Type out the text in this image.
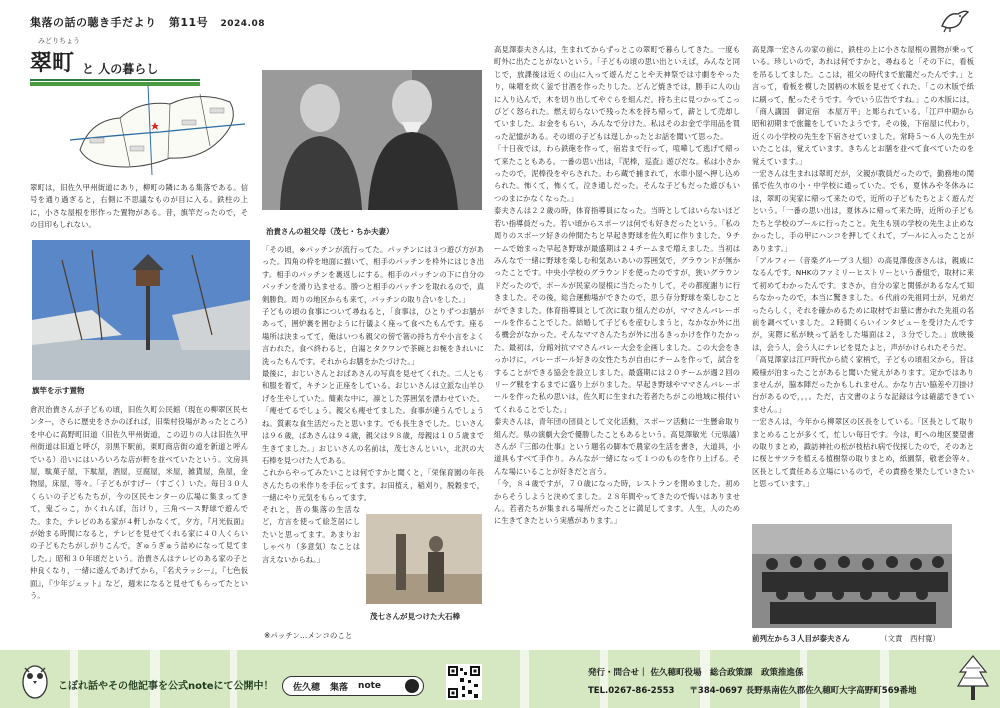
集落の話の聴き手だより 第11号 2024.08
みどりちょう
翠町 と 人の暮らし

翠町は，旧佐久甲州街道にあり，柳町の隣にある集落である。信号を通り過ぎると，右側に不思議なものが目に入る。鉄柱の上に，小さな屋根を形作った置物がある。昔，旗竿だったので，その目印もしれない。

旗竿を示す置物

倉沢治貴さんが子どもの頃，旧佐久町公民館（現在の柳翠区民センター，さらに歴史をさかのぼれば，旧柴村役場があったところ）を中心に高野町旧道（旧佐久甲州街道，この辺りの人は旧佐久甲州街道は旧道と呼び，羽黒下駅前，東町商店街の道を新道と呼んでいる）沿いにはいろいろな店が軒を並べていたという。文房具屋，駄菓子屋，下駄屋，酒屋，豆腐屋，米屋，雑貨屋，魚屋，金物屋，床屋，等々。「子どもがすげー（すごく）いた。毎日３０人くらいの子どもたちが，今の区民センターの広場に集まってきて，鬼ごっこ，かくれんぼ，缶けり，三角ベース野球で遊んでた。また，テレビのある家が４軒しかなくて，夕方，『月光仮面』が始まる時間になると，テレビを見せてくれる家に４０人くらいの子どもたちがしがりこんで，ぎゅうぎゅう詰めになって見てました。」昭和３０年頃だという。治貴さんはテレビのある家の子と仲良くなり，一緒に遊んであげてから，『名犬ラッシー』，『七色仮面』，『少年ジェット』など，週末になると見せてもらってたという。

治貴さんの祖父母（茂七・ちか夫妻）

「その頃，※パッチンが流行ってた。パッチンには３つ遊び方があった。四角の枠を地面に描いて，相手のパッチンを枠外にはじき出す。相手のパッチンを裏返しにする。相手のパッチンの下に自分のパッチンを滑り込ませる。勝つと相手のパッチンを取れるので，真剣勝負。周りの地区からも来て，パッチンの取り合いをした。」

子どもの頃の食事について尋ねると，「食事は，ひとりずつお膳があって，囲炉裏を囲むように行儀よく座って食べたもんです。座る場所は決まってて，俺はいつも親父の傍で箸の持ち方や小言をよく言われた。食べ終わると，白湯とタクワンで茶碗とお椀をきれいに洗ったもんです。それからお膳をかたづけた。」

最後に，おじいさんとおばあさんの写真を見せてくれた。二人とも和服を着て，キチンと正座をしている。おじいさんは立派な山羊ひげを生やしていた。簡素な中に，凛とした雰囲気を漂わせていた。「痩せてるでしょう。親父も痩せてました。食事が違うんでしょうね。質素な食生活だったと思います。でも長生きでした。じいさんは９６歳，ばあさんは９４歳，親父は９８歳，母親は１０５歳まで生きてました。」おじいさんの名前は，茂七さんといい，北沢の大石棒を見つけた人である。

これからやってみたいことは何ですかと聞くと，「栄保育園の年長さんたちの米作りを手伝ってます。お田植え，稲刈り，脱穀まで，一緒にやり元気をもらってます。

それと，昔の集落の生活など，方言を使って絵芝居にしたいと思ってます。あまりおしゃべり（多意気）なことは言えないからね。」

茂七さんが見つけた大石棒
※パッチン…メンコのこと

高見澤泰夫さんは，生まれてからずっとこの翠町で暮らしてきた。一度も町外に出たことがないという。「子どもの頃の思い出といえば，みんなと同じで，放課後は近くの山に入って遊んだことや天神祭では寸劇をやったり，味噌を炊く釜で甘酒を作ったりした。どんど焼きでは，勝手に人の山に入り込んで，木を切り出してやぐらを組んだ。持ち主に見つかってこっぴどく怒られた。燃え切らないで残った木を持ち帰って，薪として売却していました。お金をもらい，みんなで分けた。私はそのお金で学用品を買った記憶がある。その頃の子どもは逞しかったとお話を聞いて思った。

「十日夜では，わら鉄砲を作って，宿岩まで行って，喧嘩して逃げて帰って来たこともある。一番の思い出は，『泥棒，巡査』遊びだな。私は小さかったので，泥棒役をやらされた。わら蔵で捕まれて，水車小屋へ押し込められた。怖くて，怖くて，泣き通しだった。そんな子どもだった遊びもいつのまにかなくなった。」

泰夫さんは２２歳の時，体育指導員になった。当時としてはいらないほど若い指導員だった。若い頃からスポーツは何でも好きだったという。「私の周りのスポーツ好きの仲間たちと早起き野球を佐久町に作りました。９チームで始まった早起き野球が最盛期は２４チームまで増えました。当初はみんなで一緒に野球を楽しむ和気あいあいの雰囲気で，グラウンドが無かったことです。中央小学校のグラウンドを使ったのですが，狭いグラウンドだったので，ボールが民家の屋根に当たったりして，その都度謝りに行きました。その後，総合運動場ができたので，思う存分野球を楽しむことができました。体育指導員として次に取り組んだのが，ママさんバレーボールを作ることでした。結婚して子どもを産むしまうと，なかなか外に出る機会がなかった。そんなママさんたちが外に出るきっかけを作りたかった。最初は，分館対抗ママさんバレー大会を企画しました。この大会をきっかけに，バレーボール好きの女性たちが自由にチームを作って，試合をすることができる協会を設立しました。最盛期には２０チームが週２回のリーグ戦をするまでに盛り上がりました。早起き野球やママさんバレーボールを作った私の思いは，佐久町に生まれた若者たちがこの地域に根付いてくれることでした。」

泰夫さんは，青年団の団員として文化活動，スポーツ活動に一生懸命取り組んだ。県の演劇大会で優勝したこともあるという。高見澤敏光（元県議）さんが『三郎の仕事』という題名の脚本で農家の生活を書き，大道具，小道具もすべて手作り。みんなが一緒になって１つのものを作り上げる。そんな場にいることが好きだと言う。

「今，８４歳ですが，７０歳になった時，レストランを閉めました。初めからそうしようと決めてました。２８年間やってきたので悔いはありません。若者たちが集まれる場所だったことに満足してます。人生，人のために生きてきたという実感があります。」

高見澤一宏さんの家の前に，鉄柱の上に小さな屋根の置物が乗っている。珍しいので，あれは何ですかと，尋ねると「その下に，看板を吊るしてました。ここは，祖父の時代まで旅籠だったんです。」と言って，看板を模した図柄の木版を見せてくれた。「この木版で紙に刷って，配ったそうです。今でいう広告ですね。」この木版には，「商人講国　御定宿　本屋万平」と彫られている。「江戸中期から昭和初期まで旅籠をしていたようです。その後，下宿屋に代わり，近くの小学校の先生を下宿させていました。常時５～６人の先生がいたことは，覚えています。きちんとお膳を並べて食べていたのを覚えています。」

一宏さんは生まれは翠町だが，父親が教員だったので，勤務地の関係で佐久市の小・中学校に通っていた。でも，夏休みや冬休みには，翠町の実家に帰って来たので，近所の子どもたちとよく遊んだという。「一番の思い出は，夏休みに帰って来た時，近所の子どもたちと学校のプールに行ったこと。先生も別の学校の先生よ止めなかったし，手の甲にハンコを押してくれて，プールに入ったことがあります。」

「アルフィー（音楽グループ３人組）の高見澤俊彦さんは，親戚になるんです。NHKのファミリーヒストリーという番組で，取材に来て初めてわかったんです。まさか，自分の家と関係があるなんて知らなかったので，本当に驚きました。６代前の先祖同士が，兄弟だったらしく，それを確かめるために取材でお墓に書かれた先祖の名前を調べていました。２時間くらいインタビューを受けたんですが，実際に私が映って話をした場面は２，３分でした。」放映後は，会う人，会う人にテレビを見たよと，声がかけられたそうだ。

「高見澤家は江戸時代から続く家柄で，子どもの頃祖父から，昔は殿様が泊まったことがあると聞いた覚えがあります。定かではありませんが，脇本陣だったかもしれません。かなり古い脇差や刀掛け台があるので，，，。ただ，古文書のような記録は今は確認できていません。」

一宏さんは，今年から柳翠区の区長をしている。「区長として取りまとめることが多くて，忙しい毎日です。今は，町への地区要望書の取りまとめ，諏訪神社の松が枝枯れ病で伐採したので，そのあとに桜とサツラを植える植樹祭の取りまとめ，紙園祭，敬老会等々。区長として責任ある立場にいるので，その責務を果たしていきたいと思っています。」

前列左から３人目が泰夫さん	（文責　西村寛）
こぼれ話やその他記事を公式noteにて公開中！ 佐久穂 集落 note
発行・問合せ｜ 佐久穂町役場　総合政策課　政策推進係
TEL.0267-86-2553 〒384-0697 長野県南佐久郡佐久穂町大字高野町569番地
